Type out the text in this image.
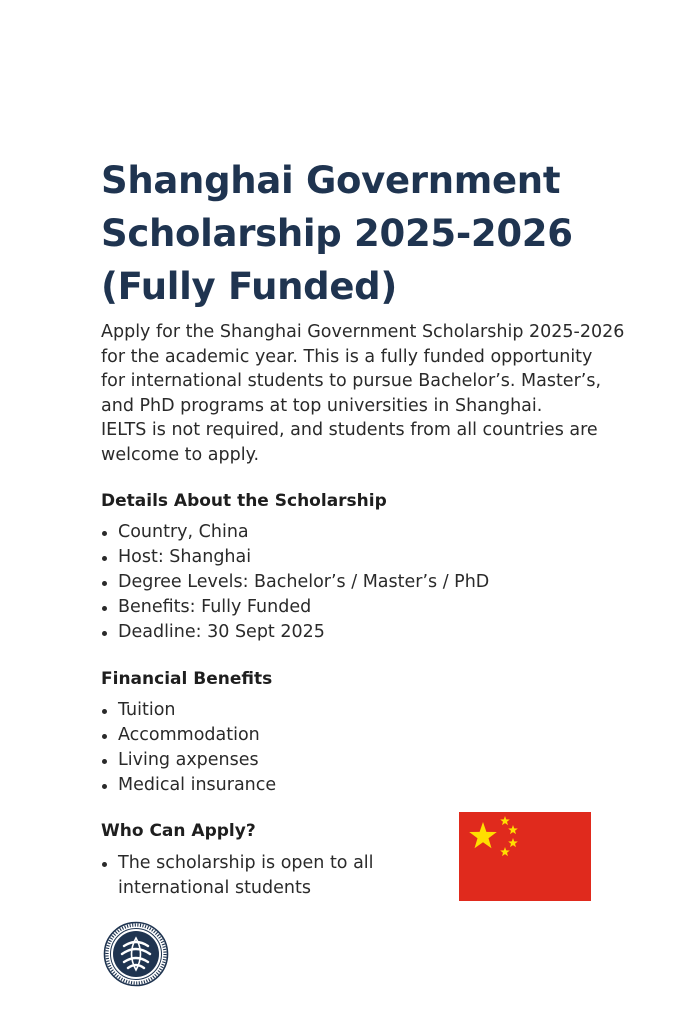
Shanghai Government
Scholarship 2025-2026
(Fully Funded)

Apply for the Shanghai Government Scholarship 2025-2026
for the academic year. This is a fully funded opportunity
for international students to pursue Bachelor’s. Master’s,
and PhD programs at top universities in Shanghai.
IELTS is not required, and students from all countries are
welcome to apply.

Details About the Scholarship
Country, China
Host: Shanghai
Degree Levels: Bachelor’s / Master’s / PhD
Benefits: Fully Funded
Deadline: 30 Sept 2025
Financial Benefits
Tuition
Accommodation
Living axpenses
Medical insurance
Who Can Apply?
The scholarship is open to all
international students
